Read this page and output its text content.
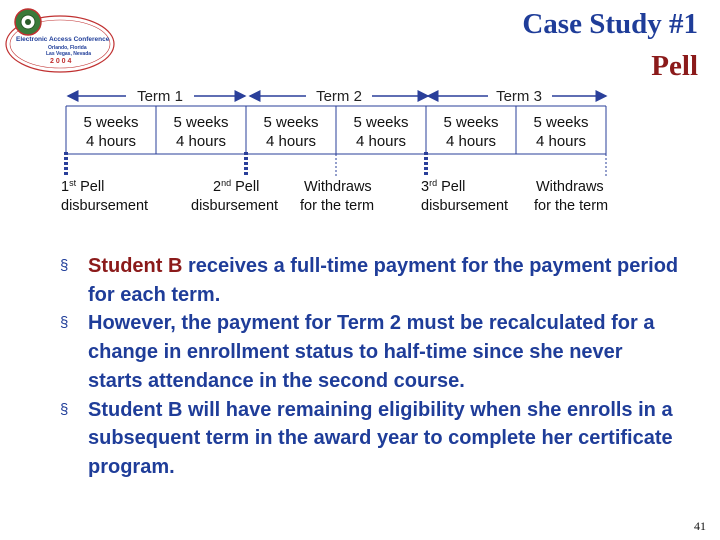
Electronic Access Conference
Orlando, Florida
Las Vegas, Nevada
2 0 0 4
Case Study #1
Pell
Term 1	Term 2	Term 3
5 weeks
4 hours
5 weeks
4 hours
5 weeks
4 hours
5 weeks
4 hours
5 weeks
4 hours
5 weeks
4 hours
1st Pell
disbursement
2nd Pell
disbursement
Withdraws
for the term
3rd Pell
disbursement
Withdraws
for the term
§ Student B receives a full-time payment for the payment period for each term.
§ However, the payment for Term 2 must be recalculated for a change in enrollment status to half-time since she never starts attendance in the second course.
§ Student B will have remaining eligibility when she enrolls in a subsequent term in the award year to complete her certificate program.
41
